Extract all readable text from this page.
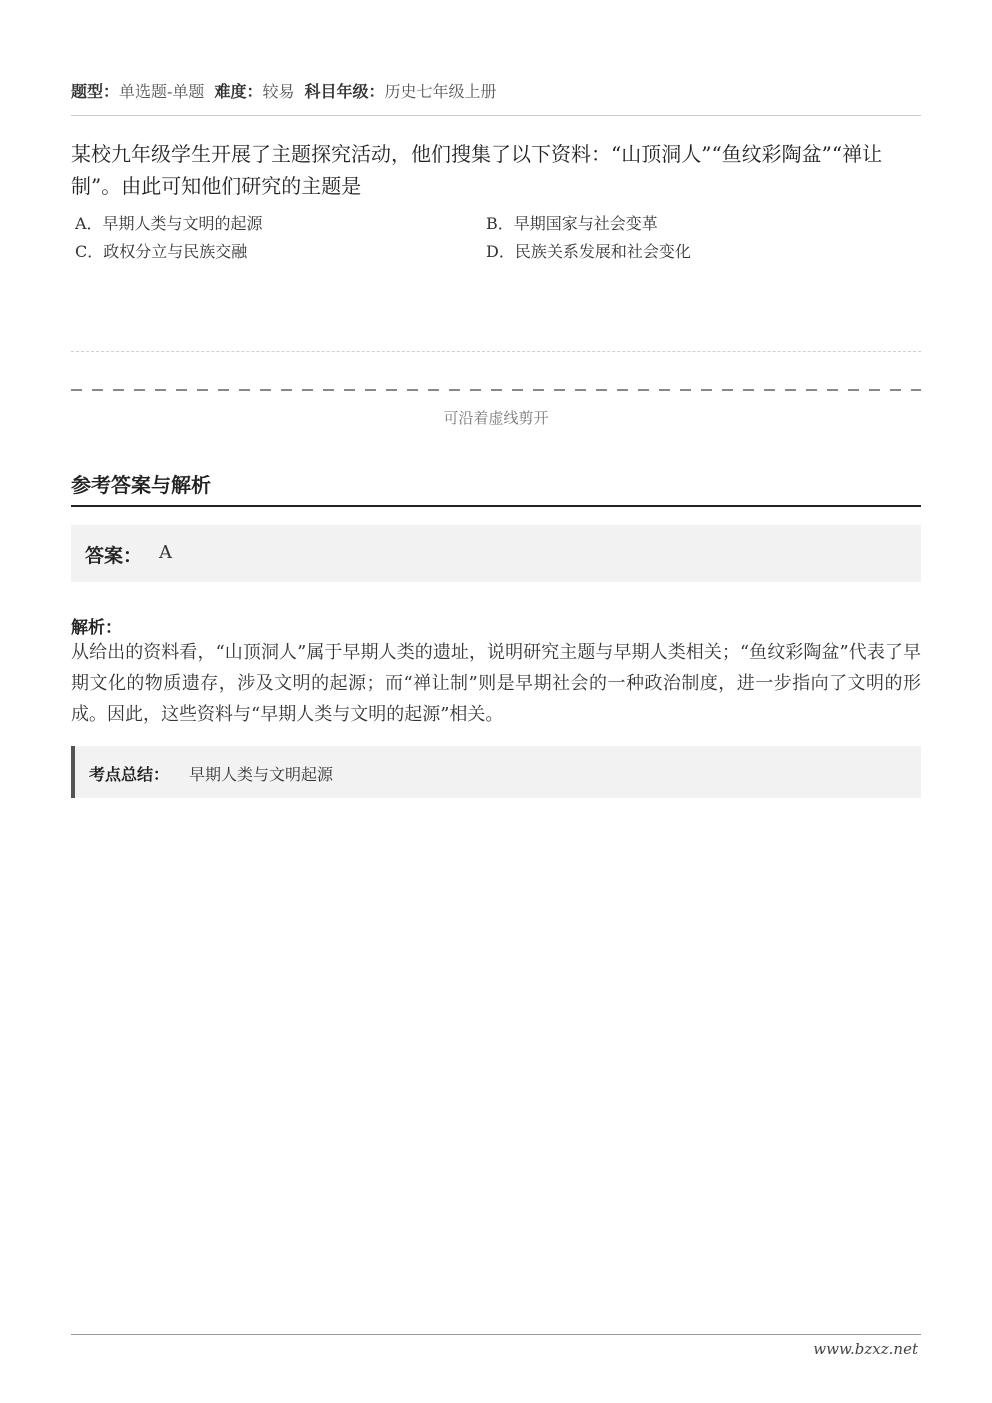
题型：单选题-单题 难度：较易 科目年级：历史七年级上册
某校九年级学生开展了主题探究活动，他们搜集了以下资料：“山顶洞人”“鱼纹彩陶盆”“禅让制”。由此可知他们研究的主题是
A．早期人类与文明的起源	B．早期国家与社会变革
C．政权分立与民族交融	D．民族关系发展和社会变化
可沿着虚线剪开
参考答案与解析
答案： A
解析：
从给出的资料看，“山顶洞人”属于早期人类的遗址，说明研究主题与早期人类相关；“鱼纹彩陶盆”代表了早期文化的物质遗存，涉及文明的起源；而“禅让制”则是早期社会的一种政治制度，进一步指向了文明的形成。因此，这些资料与“早期人类与文明的起源”相关。
考点总结： 早期人类与文明起源
www.bzxz.net
